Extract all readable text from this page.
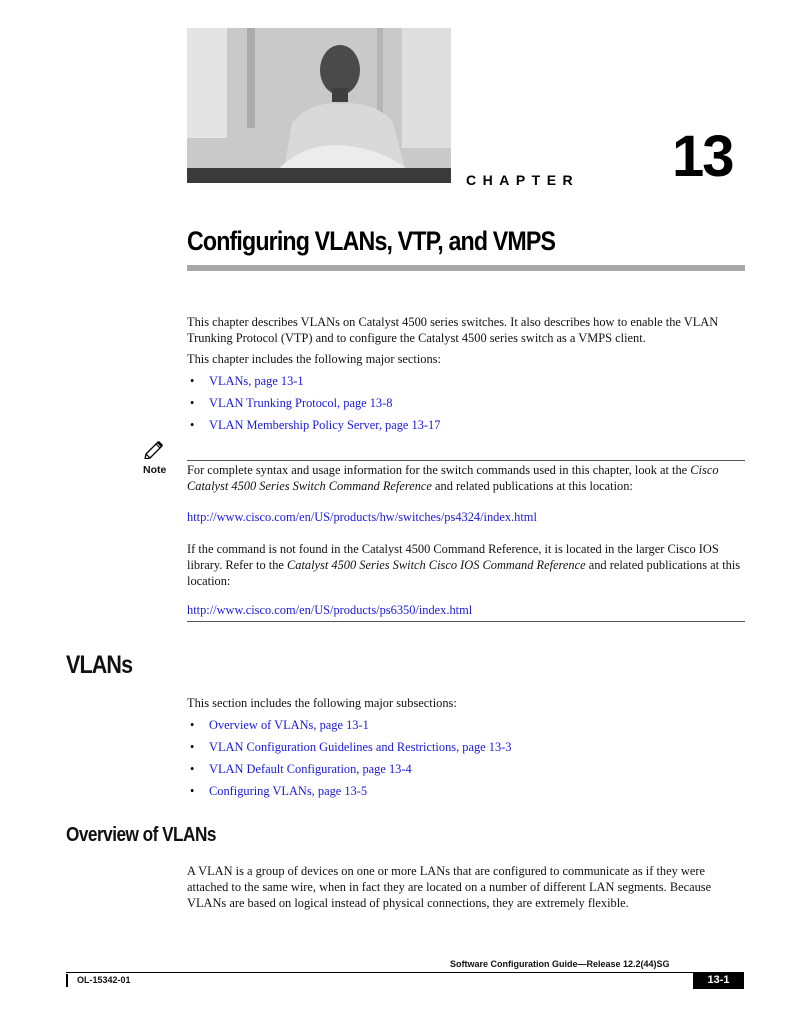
CHAPTER 13
Configuring VLANs, VTP, and VMPS

This chapter describes VLANs on Catalyst 4500 series switches. It also describes how to enable the VLAN Trunking Protocol (VTP) and to configure the Catalyst 4500 series switch as a VMPS client.

This chapter includes the following major sections:

• VLANs, page 13-1
• VLAN Trunking Protocol, page 13-8
• VLAN Membership Policy Server, page 13-17
Note For complete syntax and usage information for the switch commands used in this chapter, look at the Cisco Catalyst 4500 Series Switch Command Reference and related publications at this location:

http://www.cisco.com/en/US/products/hw/switches/ps4324/index.html

If the command is not found in the Catalyst 4500 Command Reference, it is located in the larger Cisco IOS library. Refer to the Catalyst 4500 Series Switch Cisco IOS Command Reference and related publications at this location:

http://www.cisco.com/en/US/products/ps6350/index.html

VLANs

This section includes the following major subsections:

• Overview of VLANs, page 13-1
• VLAN Configuration Guidelines and Restrictions, page 13-3
• VLAN Default Configuration, page 13-4
• Configuring VLANs, page 13-5
Overview of VLANs

A VLAN is a group of devices on one or more LANs that are configured to communicate as if they were attached to the same wire, when in fact they are located on a number of different LAN segments. Because VLANs are based on logical instead of physical connections, they are extremely flexible.

Software Configuration Guide—Release 12.2(44)SG
OL-15342-01	13-1
